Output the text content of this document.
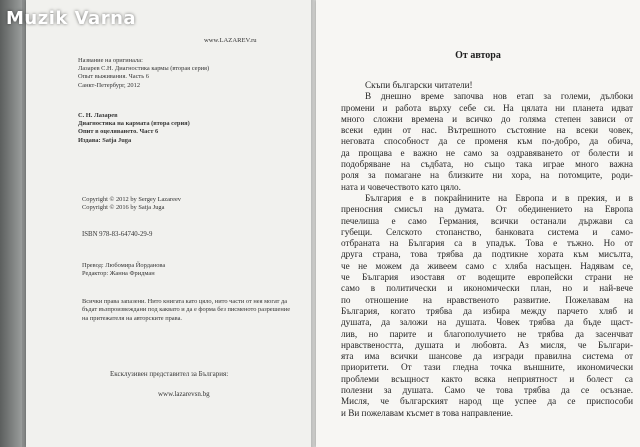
Muzik Varna
www.LAZAREV.ru
Название на оригинала:
Лазарев С.Н. Диагностика кармы (вторая серия)
Опыт выживания. Часть 6
Санкт-Петербург, 2012
С. Н. Лазарев
Диагностика на кармата (втора серия)
Опит в оцеляването. Част 6
Издава: Satja Juga
Copyright © 2012 by Sergey Lazareev
Copyright © 2016 by Satja Juga
ISBN 978-83-64740-29-9
Превод: Любомира Йорданова
Редактор: Жанна Фридман
Всички права запазени. Нито книгата като цяло, нито части от нея могат да
бъдат възпроизвеждани под каквато и да е форма без писменото разрешение
на притежателя на авторските права.
Ексклузивен представител за България:
www.lazarevsn.bg
От автора
Скъпи български читатели!
В днешно време започва нов етап за големи, дълбоки
промени и работа върху себе си. На цялата ни планета идват
много сложни времена и всичко до голяма степен зависи от
всеки един от нас. Вътрешното състояние на всеки човек,
неговата способност да се променя към по-добро, да обича,
да прощава е важно не само за оздравяването от болести и
подобряване на съдбата, но също така играе много важна
роля за помагане на близките ни хора, на потомците, роди-
ната и човечеството като цяло.
България е в покрайнините на Европа и в прекия, и в
преносния смисъл на думата. От обединението на Европа
печелиша е само Германия, всички останали държави са
губещи. Селското стопанство, банковата система и само-
отбраната на България са в упадък. Това е тъжно. Но от
друга страна, това трябва да подтикне хората към мисълта,
че не можем да живеем само с хляба насъщен. Надявам се,
че България изоставя от водещите европейски страни не
само в политически и икономически план, но и най-вече
по отношение на нравственото развитие. Пожелавам на
България, когато трябва да избира между парчето хляб и
душата, да заложи на душата. Човек трябва да бъде щаст-
лив, но парите и благополучието не трябва да засенчват
нравствеността, душата и любовта. Аз мисля, че Българи-
ята има всички шансове да изгради правилна система от
приоритети. От тази гледна точка външните, икономически
проблеми всъщност както всяка неприятност и болест са
полезни за душата. Само че това трябва да се осъзнае.
Мисля, че българският народ ще успее да се приспособи
и Ви пожелавам късмет в това направление.
